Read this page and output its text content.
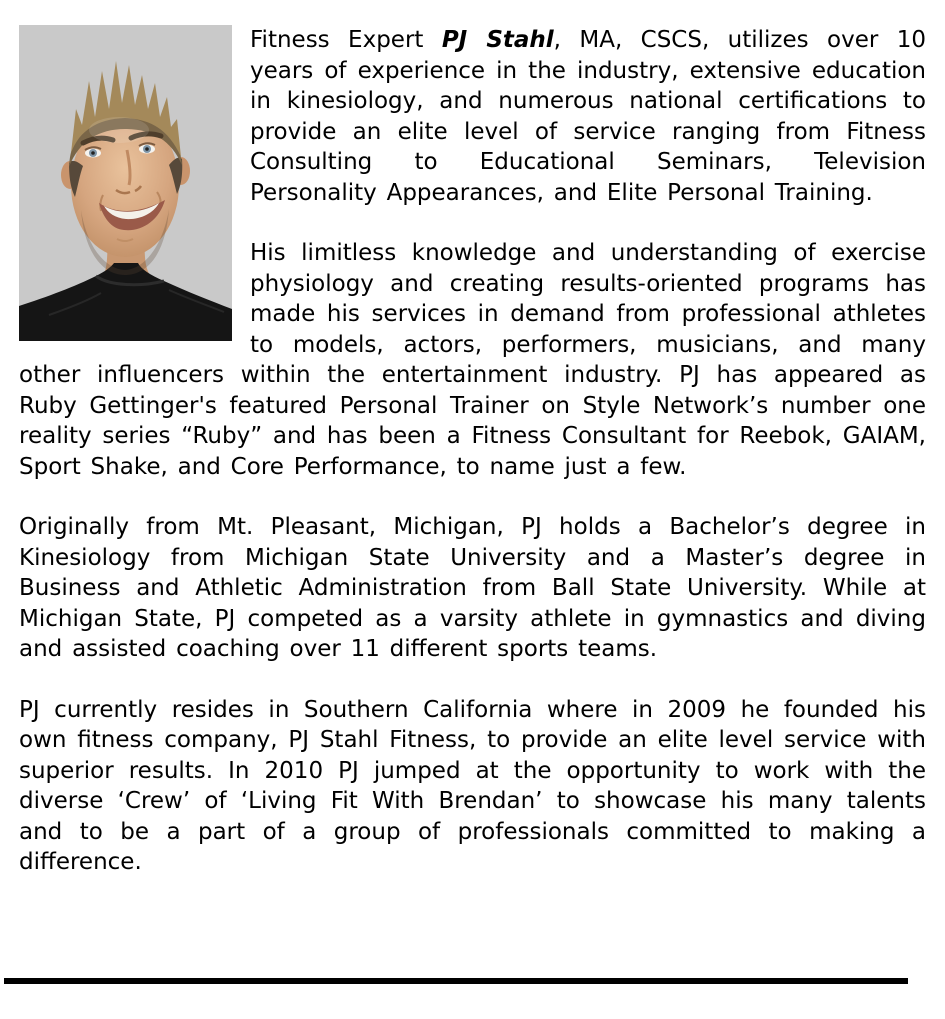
Fitness Expert PJ Stahl, MA, CSCS, utilizes over 10 years of experience in the industry, extensive education in kinesiology, and numerous national certifications to provide an elite level of service ranging from Fitness Consulting to Educational Seminars, Television Personality Appearances, and Elite Personal Training.

His limitless knowledge and understanding of exercise physiology and creating results-oriented programs has made his services in demand from professional athletes to models, actors, performers, musicians, and many other influencers within the entertainment industry. PJ has appeared as Ruby Gettinger's featured Personal Trainer on Style Network’s number one reality series “Ruby” and has been a Fitness Consultant for Reebok, GAIAM, Sport Shake, and Core Performance, to name just a few.

Originally from Mt. Pleasant, Michigan, PJ holds a Bachelor’s degree in Kinesiology from Michigan State University and a Master’s degree in Business and Athletic Administration from Ball State University. While at Michigan State, PJ competed as a varsity athlete in gymnastics and diving and assisted coaching over 11 different sports teams.

PJ currently resides in Southern California where in 2009 he founded his own fitness company, PJ Stahl Fitness, to provide an elite level service with superior results. In 2010 PJ jumped at the opportunity to work with the diverse ‘Crew’ of ‘Living Fit With Brendan’ to showcase his many talents and to be a part of a group of professionals committed to making a difference.
